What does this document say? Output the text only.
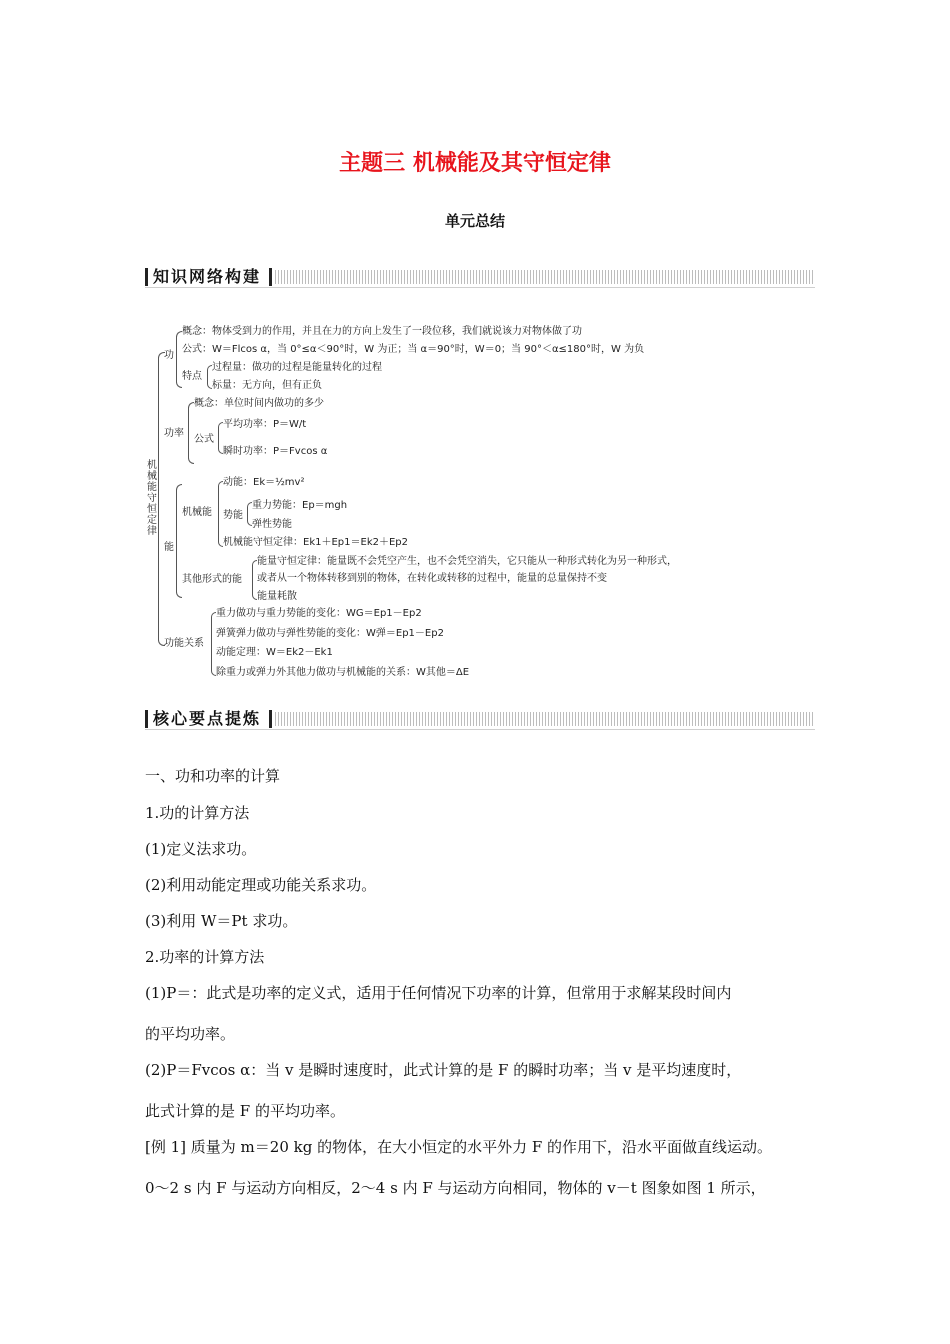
主题三 机械能及其守恒定律
单元总结
知识网络构建
机械能守恒定律
功
概念：物体受到力的作用，并且在力的方向上发生了一段位移，我们就说该力对物体做了功
公式：W＝Flcos α，当 0°≤α＜90°时，W 为正；当 α＝90°时，W＝0；当 90°＜α≤180°时，W 为负
特点
过程量：做功的过程是能量转化的过程
标量：无方向，但有正负
功率
概念：单位时间内做功的多少
公式
平均功率：P＝W/t
瞬时功率：P＝Fvcos α
能
机械能
动能：Ek＝½mv²
势能
重力势能：Ep＝mgh
弹性势能
机械能守恒定律：Ek1＋Ep1＝Ek2＋Ep2
其他形式的能
能量守恒定律：能量既不会凭空产生，也不会凭空消失，它只能从一种形式转化为另一种形式，
或者从一个物体转移到别的物体，在转化或转移的过程中，能量的总量保持不变
能量耗散
功能关系
重力做功与重力势能的变化：WG＝Ep1－Ep2
弹簧弹力做功与弹性势能的变化：W弹＝Ep1－Ep2
动能定理：W＝Ek2－Ek1
除重力或弹力外其他力做功与机械能的关系：W其他＝ΔE
核心要点提炼
一、功和功率的计算
1.功的计算方法
(1)定义法求功。
(2)利用动能定理或功能关系求功。
(3)利用 W＝Pt 求功。
2.功率的计算方法
(1)P＝：此式是功率的定义式，适用于任何情况下功率的计算，但常用于求解某段时间内
的平均功率。
(2)P＝Fvcos α：当 v 是瞬时速度时，此式计算的是 F 的瞬时功率；当 v 是平均速度时，
此式计算的是 F 的平均功率。
[例 1] 质量为 m＝20 kg 的物体，在大小恒定的水平外力 F 的作用下，沿水平面做直线运动。
0～2 s 内 F 与运动方向相反，2～4 s 内 F 与运动方向相同，物体的 v－t 图象如图 1 所示，
